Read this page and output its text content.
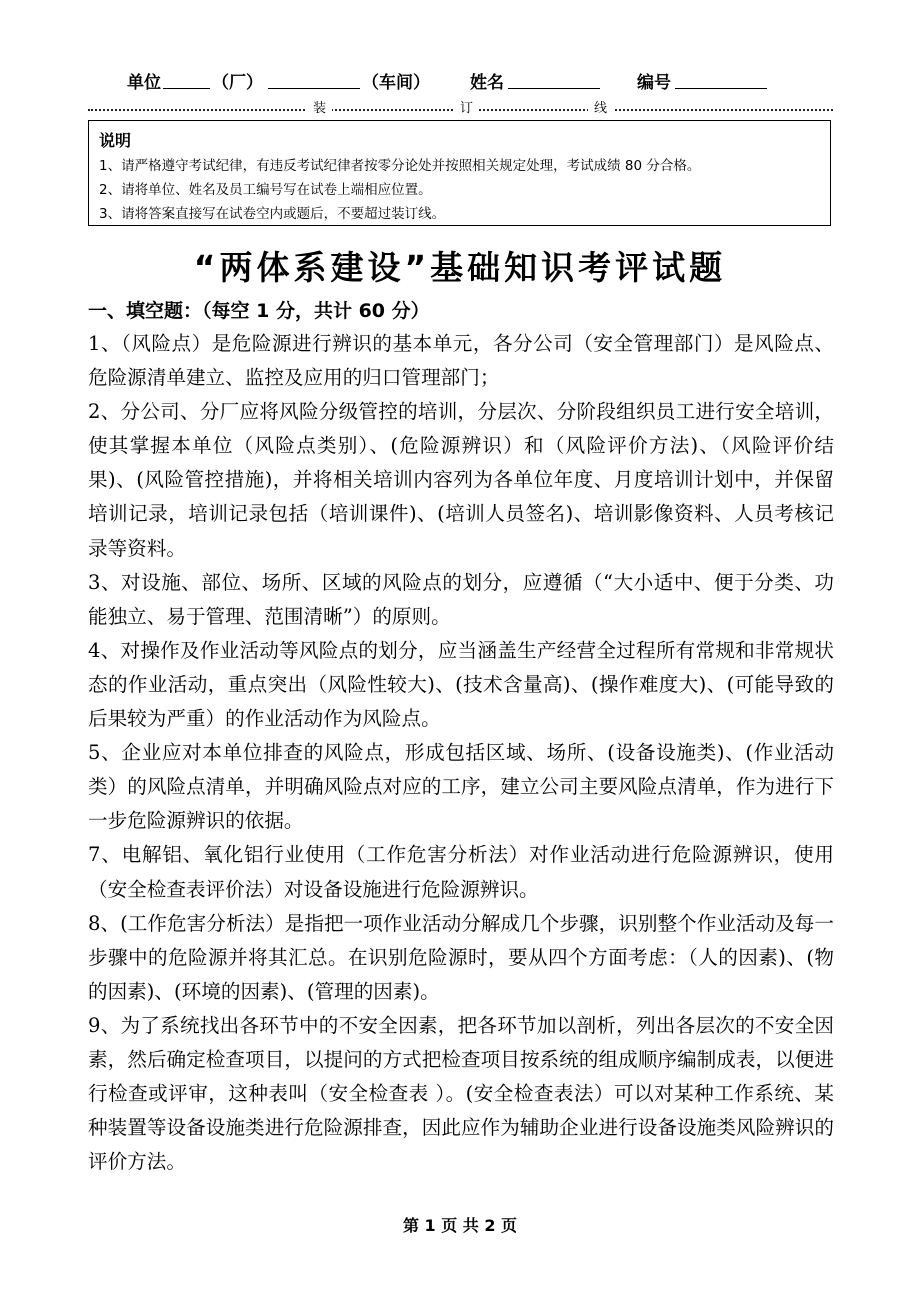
单位	（厂）	（车间） 姓名	编号
装	订	线
说明
1、请严格遵守考试纪律，有违反考试纪律者按零分论处并按照相关规定处理，考试成绩 80 分合格。
2、请将单位、姓名及员工编号写在试卷上端相应位置。
3、请将答案直接写在试卷空内或题后，不要超过装订线。
“两体系建设”基础知识考评试题
一、填空题：（每空 1 分，共计 60 分）

1、（风险点）是危险源进行辨识的基本单元，各分公司（安全管理部门）是风险点、危险源清单建立、监控及应用的归口管理部门；

2、分公司、分厂应将风险分级管控的培训，分层次、分阶段组织员工进行安全培训，使其掌握本单位（风险点类别）、(危险源辨识）和（风险评价方法)、（风险评价结果)、(风险管控措施)，并将相关培训内容列为各单位年度、月度培训计划中，并保留培训记录，培训记录包括（培训课件)、(培训人员签名)、培训影像资料、人员考核记录等资料。

3、对设施、部位、场所、区域的风险点的划分，应遵循（“大小适中、便于分类、功能独立、易于管理、范围清晰”）的原则。

4、对操作及作业活动等风险点的划分，应当涵盖生产经营全过程所有常规和非常规状态的作业活动，重点突出（风险性较大)、(技术含量高)、(操作难度大)、(可能导致的后果较为严重）的作业活动作为风险点。

5、企业应对本单位排查的风险点，形成包括区域、场所、(设备设施类)、(作业活动类）的风险点清单，并明确风险点对应的工序，建立公司主要风险点清单，作为进行下一步危险源辨识的依据。

7、电解铝、氧化铝行业使用（工作危害分析法）对作业活动进行危险源辨识，使用（安全检查表评价法）对设备设施进行危险源辨识。

8、(工作危害分析法）是指把一项作业活动分解成几个步骤，识别整个作业活动及每一步骤中的危险源并将其汇总。在识别危险源时，要从四个方面考虑：（人的因素)、(物的因素)、(环境的因素)、(管理的因素)。

9、为了系统找出各环节中的不安全因素，把各环节加以剖析，列出各层次的不安全因素，然后确定检查项目，以提问的方式把检查项目按系统的组成顺序编制成表，以便进行检查或评审，这种表叫（安全检查表 ）。(安全检查表法）可以对某种工作系统、某种装置等设备设施类进行危险源排查，因此应作为辅助企业进行设备设施类风险辨识的评价方法。

第 1 页 共 2 页
